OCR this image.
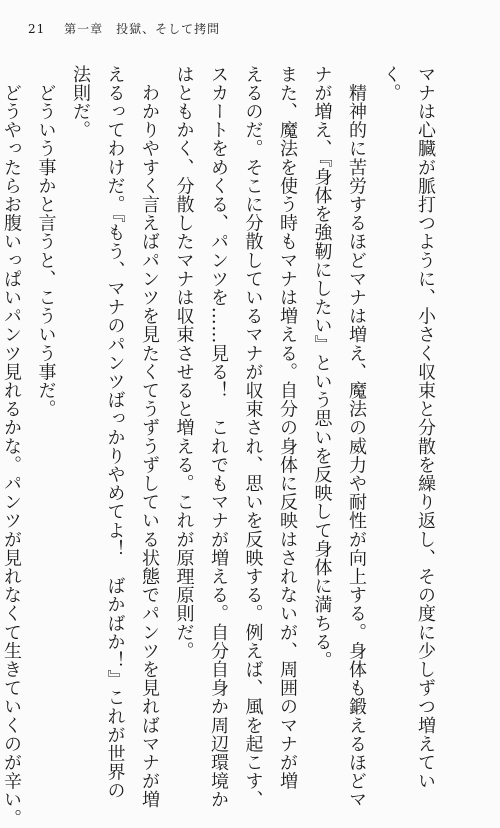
21 第一章　投獄、そして拷問
マナは心臓が脈打つように、小さく収束と分散を繰り返し、その度に少しずつ増えてい
く。
　精神的に苦労するほどマナは増え、魔法の威力や耐性が向上する。身体も鍛えるほどマ
ナが増え、『身体を強靭にしたい』という思いを反映して身体に満ちる。
また、魔法を使う時もマナは増える。自分の身体に反映はされないが、周囲のマナが増
えるのだ。そこに分散しているマナが収束され、思いを反映する。例えば、風を起こす、
スカートをめくる、パンツを……見る！　これでもマナが増える。自分自身か周辺環境か
はともかく、分散したマナは収束させると増える。これが原理原則だ。
　わかりやすく言えばパンツを見たくてうずうずしている状態でパンツを見ればマナが増
えるってわけだ。『もう、マナのパンツばっかりやめてよ！　ばかばか！』これが世界の
法則だ。
　どういう事かと言うと、こういう事だ。
　どうやったらお腹いっぱいパンツ見れるかな。パンツが見れなくて生きていくのが辛い。
